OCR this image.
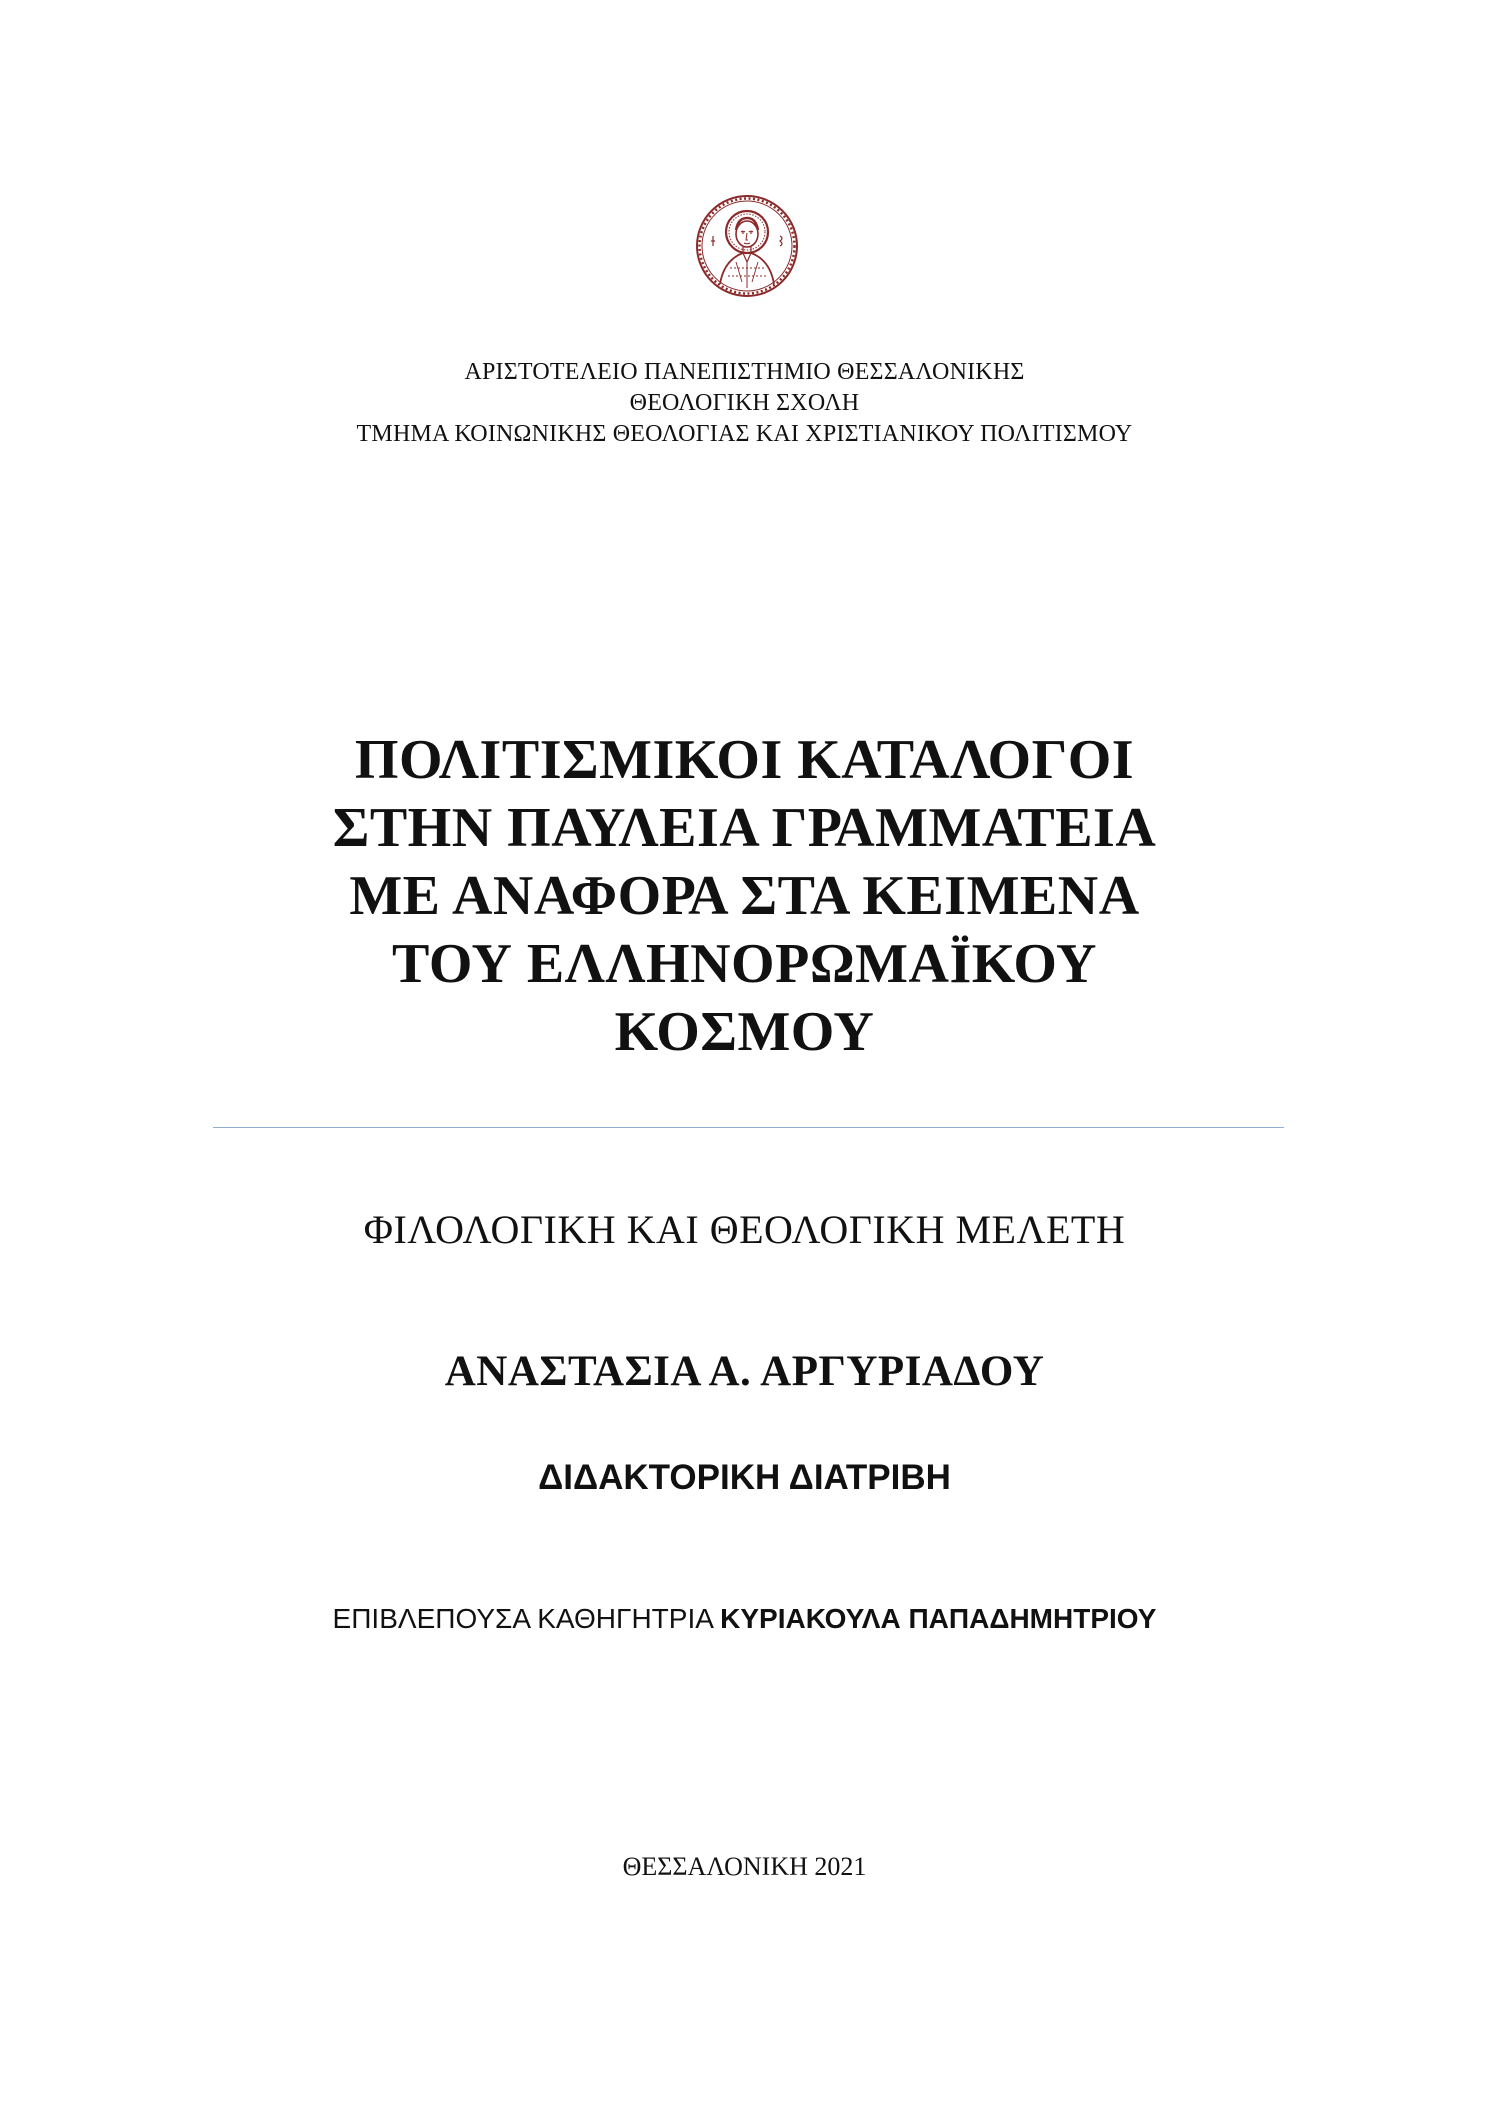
ΑΡΙΣΤΟΤΕΛΕΙΟ ΠΑΝΕΠΙΣΤΗΜΙΟ ΘΕΣΣΑΛΟΝΙΚΗΣ
ΘΕΟΛΟΓΙΚΗ ΣΧΟΛΗ
ΤΜΗΜΑ ΚΟΙΝΩΝΙΚΗΣ ΘΕΟΛΟΓΙΑΣ ΚΑΙ ΧΡΙΣΤΙΑΝΙΚΟΥ ΠΟΛΙΤΙΣΜΟΥ
ΠΟΛΙΤΙΣΜΙΚΟΙ ΚΑΤΑΛΟΓΟΙ
ΣΤΗΝ ΠΑΥΛΕΙΑ ΓΡΑΜΜΑΤΕΙΑ
ΜΕ ΑΝΑΦΟΡΑ ΣΤΑ ΚΕΙΜΕΝΑ
ΤΟΥ ΕΛΛΗΝΟΡΩΜΑΪΚΟΥ
ΚΟΣΜΟΥ
ΦΙΛΟΛΟΓΙΚΗ ΚΑΙ ΘΕΟΛΟΓΙΚΗ ΜΕΛΕΤΗ
ΑΝΑΣΤΑΣΙΑ Α. ΑΡΓΥΡΙΑΔΟΥ
ΔΙΔΑΚΤΟΡΙΚΗ ΔΙΑΤΡΙΒΗ
ΕΠΙΒΛΕΠΟΥΣΑ ΚΑΘΗΓΗΤΡΙΑ ΚΥΡΙΑΚΟΥΛΑ ΠΑΠΑΔΗΜΗΤΡΙΟΥ
ΘΕΣΣΑΛΟΝΙΚΗ 2021
